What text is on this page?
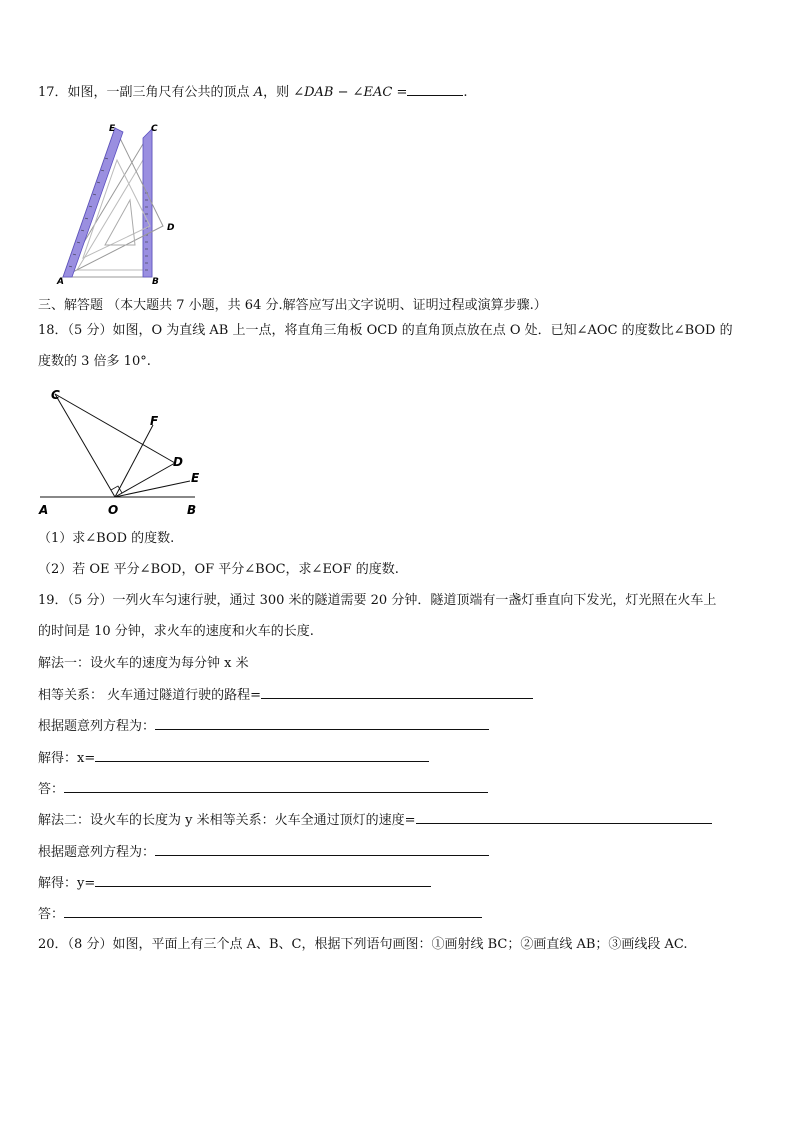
17．如图，一副三角尺有公共的顶点 A，则 ∠DAB − ∠EAC =	.
E	C
D
A	B
三、解答题 （本大题共 7 小题，共 64 分.解答应写出文字说明、证明过程或演算步骤.）
18．（5 分）如图，O 为直线 AB 上一点，将直角三角板 OCD 的直角顶点放在点 O 处．已知∠AOC 的度数比∠BOD 的
度数的 3 倍多 10°.
C
F
D
E
A	O	B
（1）求∠BOD 的度数.
（2）若 OE 平分∠BOD，OF 平分∠BOC，求∠EOF 的度数.
19．（5 分）一列火车匀速行驶，通过 300 米的隧道需要 20 分钟．隧道顶端有一盏灯垂直向下发光，灯光照在火车上
的时间是 10 分钟，求火车的速度和火车的长度.
解法一：设火车的速度为每分钟 x 米
相等关系： 火车通过隧道行驶的路程=
根据题意列方程为：
解得：x=
答：
解法二：设火车的长度为 y 米相等关系：火车全通过顶灯的速度=
根据题意列方程为：
解得：y=
答：
20．（8 分）如图，平面上有三个点 A、B、C，根据下列语句画图：①画射线 BC；②画直线 AB；③画线段 AC.
